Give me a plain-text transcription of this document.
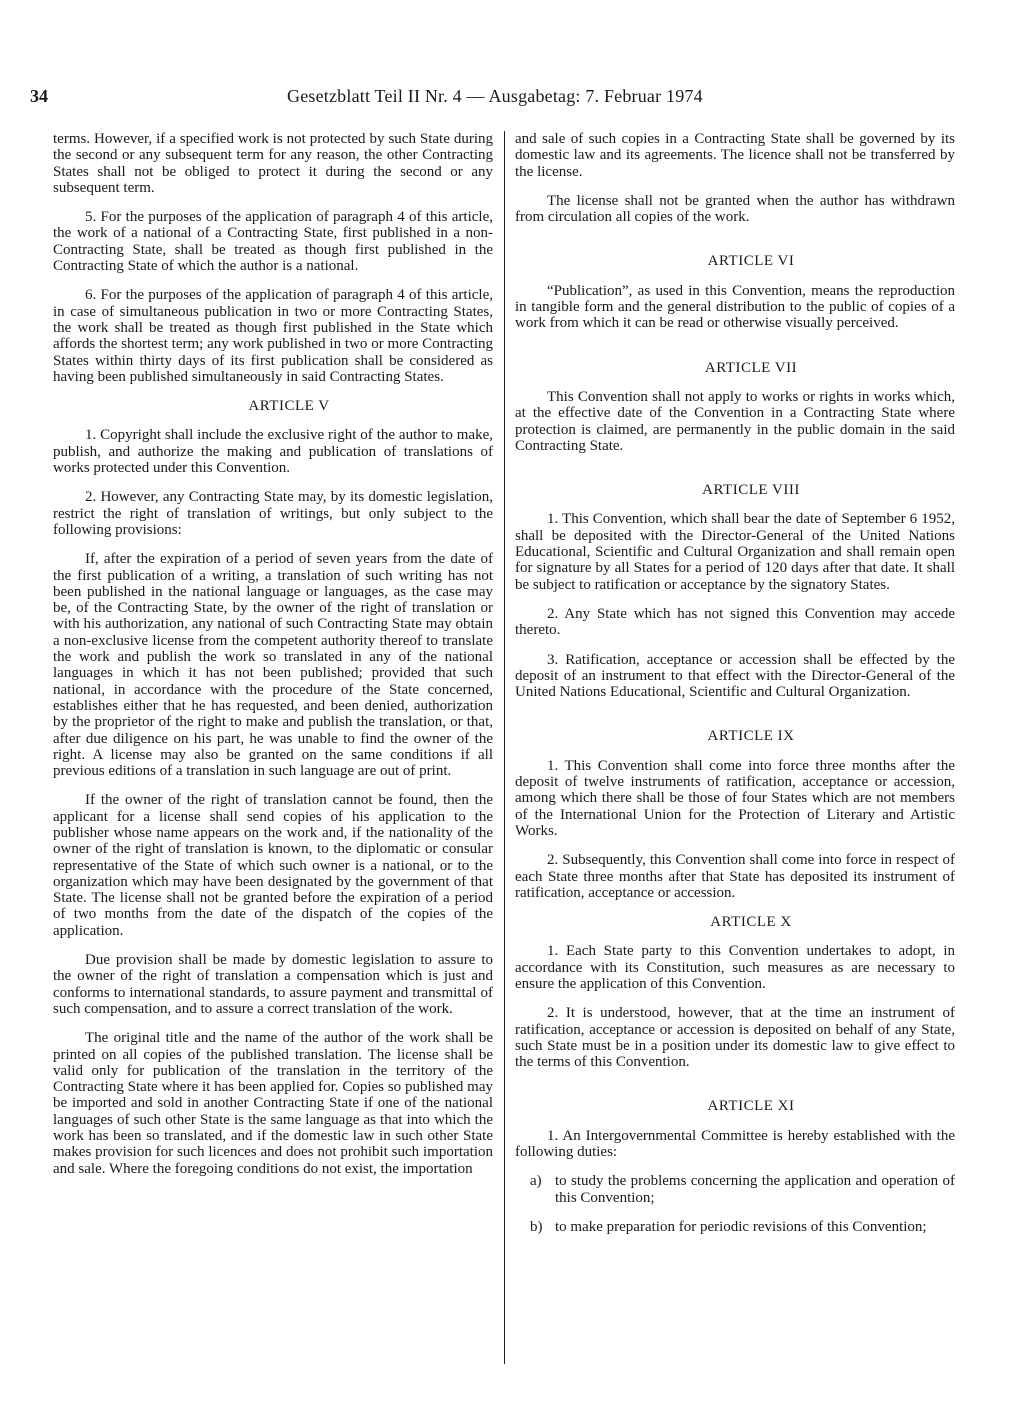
34	Gesetzblatt Teil II Nr. 4 — Ausgabetag: 7. Februar 1974

terms. However, if a specified work is not protected by such State during the second or any subsequent term for any reason, the other Contracting States shall not be obliged to protect it during the second or any subsequent term.

5. For the purposes of the application of paragraph 4 of this article, the work of a national of a Contracting State, first published in a non-Contracting State, shall be treated as though first published in the Contracting State of which the author is a national.

6. For the purposes of the application of paragraph 4 of this article, in case of simultaneous publication in two or more Contracting States, the work shall be treated as though first published in the State which affords the shortest term; any work published in two or more Contracting States within thirty days of its first publication shall be considered as having been published simultaneously in said Contracting States.

ARTICLE V

1. Copyright shall include the exclusive right of the author to make, publish, and authorize the making and publication of translations of works protected under this Convention.

2. However, any Contracting State may, by its domestic legislation, restrict the right of translation of writings, but only subject to the following provisions:

If, after the expiration of a period of seven years from the date of the first publication of a writing, a translation of such writing has not been published in the national language or languages, as the case may be, of the Contracting State, by the owner of the right of translation or with his authorization, any national of such Contracting State may obtain a non-exclusive license from the competent authority thereof to translate the work and publish the work so translated in any of the national languages in which it has not been published; provided that such national, in accordance with the procedure of the State concerned, establishes either that he has requested, and been denied, authorization by the proprietor of the right to make and publish the translation, or that, after due diligence on his part, he was unable to find the owner of the right. A license may also be granted on the same conditions if all previous editions of a translation in such language are out of print.

If the owner of the right of translation cannot be found, then the applicant for a license shall send copies of his application to the publisher whose name appears on the work and, if the nationality of the owner of the right of translation is known, to the diplomatic or consular representative of the State of which such owner is a national, or to the organization which may have been designated by the government of that State. The license shall not be granted before the expiration of a period of two months from the date of the dispatch of the copies of the application.

Due provision shall be made by domestic legislation to assure to the owner of the right of translation a compensation which is just and conforms to international standards, to assure payment and transmittal of such compensation, and to assure a correct translation of the work.

The original title and the name of the author of the work shall be printed on all copies of the published translation. The license shall be valid only for publication of the translation in the territory of the Contracting State where it has been applied for. Copies so published may be imported and sold in another Contracting State if one of the national languages of such other State is the same language as that into which the work has been so translated, and if the domestic law in such other State makes provision for such licences and does not prohibit such importation and sale. Where the foregoing conditions do not exist, the importation

and sale of such copies in a Contracting State shall be governed by its domestic law and its agreements. The licence shall not be transferred by the license.

The license shall not be granted when the author has withdrawn from circulation all copies of the work.

ARTICLE VI

“Publication”, as used in this Convention, means the reproduction in tangible form and the general distribution to the public of copies of a work from which it can be read or otherwise visually perceived.

ARTICLE VII

This Convention shall not apply to works or rights in works which, at the effective date of the Convention in a Contracting State where protection is claimed, are permanently in the public domain in the said Contracting State.

ARTICLE VIII

1. This Convention, which shall bear the date of September 6 1952, shall be deposited with the Director-General of the United Nations Educational, Scientific and Cultural Organization and shall remain open for signature by all States for a period of 120 days after that date. It shall be subject to ratification or acceptance by the signatory States.

2. Any State which has not signed this Convention may accede thereto.

3. Ratification, acceptance or accession shall be effected by the deposit of an instrument to that effect with the Director-General of the United Nations Educational, Scientific and Cultural Organization.

ARTICLE IX

1. This Convention shall come into force three months after the deposit of twelve instruments of ratification, acceptance or accession, among which there shall be those of four States which are not members of the International Union for the Protection of Literary and Artistic Works.

2. Subsequently, this Convention shall come into force in respect of each State three months after that State has deposited its instrument of ratification, acceptance or accession.

ARTICLE X

1. Each State party to this Convention undertakes to adopt, in accordance with its Constitution, such measures as are necessary to ensure the application of this Convention.

2. It is understood, however, that at the time an instrument of ratification, acceptance or accession is deposited on behalf of any State, such State must be in a position under its domestic law to give effect to the terms of this Convention.

ARTICLE XI

1. An Intergovernmental Committee is hereby established with the following duties:

a) to study the problems concerning the application and operation of this Convention;
b) to make preparation for periodic revisions of this Convention;
